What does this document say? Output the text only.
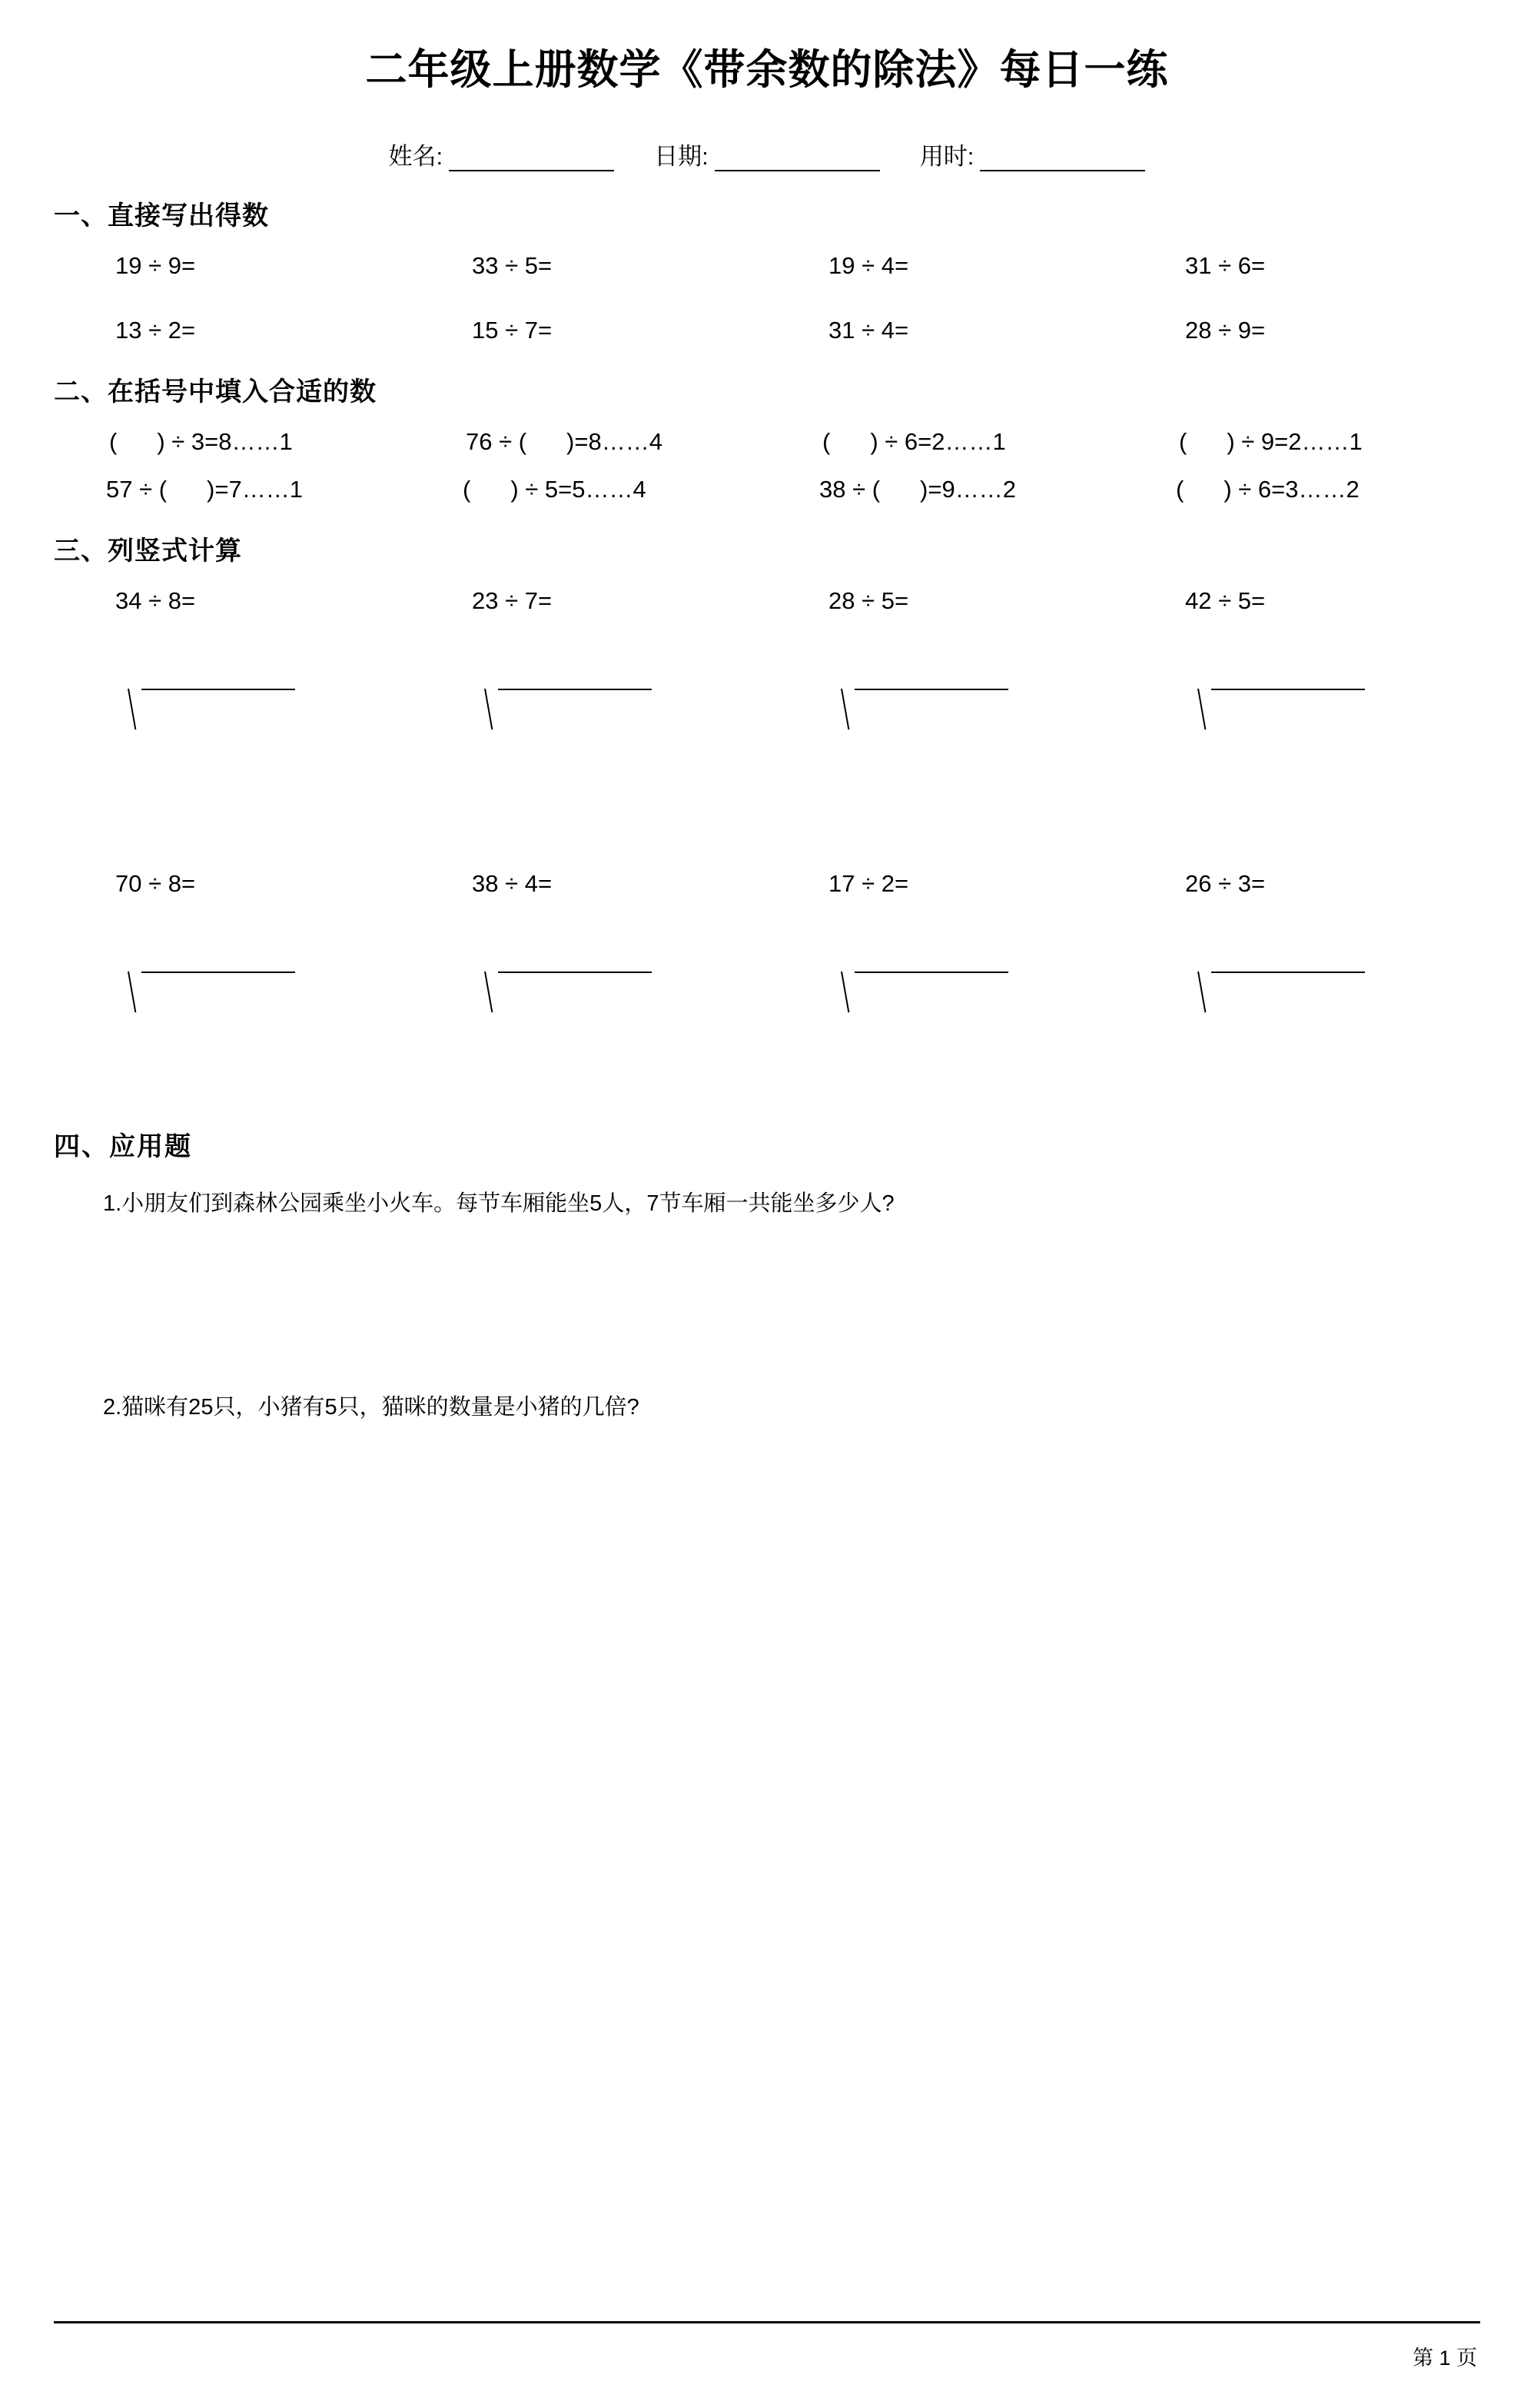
二年级上册数学《带余数的除法》每日一练
姓名:	日期:	用时:
一、直接写出得数
19 ÷ 9=	33 ÷ 5=	19 ÷ 4=	31 ÷ 6=
13 ÷ 2=	15 ÷ 7=	31 ÷ 4=	28 ÷ 9=
二、在括号中填入合适的数
( ) ÷ 3=8……1	76 ÷ ( )=8……4	( ) ÷ 6=2……1	( ) ÷ 9=2……1
57 ÷ ( )=7……1	( ) ÷ 5=5……4	38 ÷ ( )=9……2	( ) ÷ 6=3……2
三、列竖式计算
34 ÷ 8=	23 ÷ 7=	28 ÷ 5=	42 ÷ 5=
70 ÷ 8=	38 ÷ 4=	17 ÷ 2=	26 ÷ 3=
四、应用题
1.小朋友们到森林公园乘坐小火车。每节车厢能坐5人，7节车厢一共能坐多少人?
2.猫咪有25只，小猪有5只，猫咪的数量是小猪的几倍?
第 1 页
